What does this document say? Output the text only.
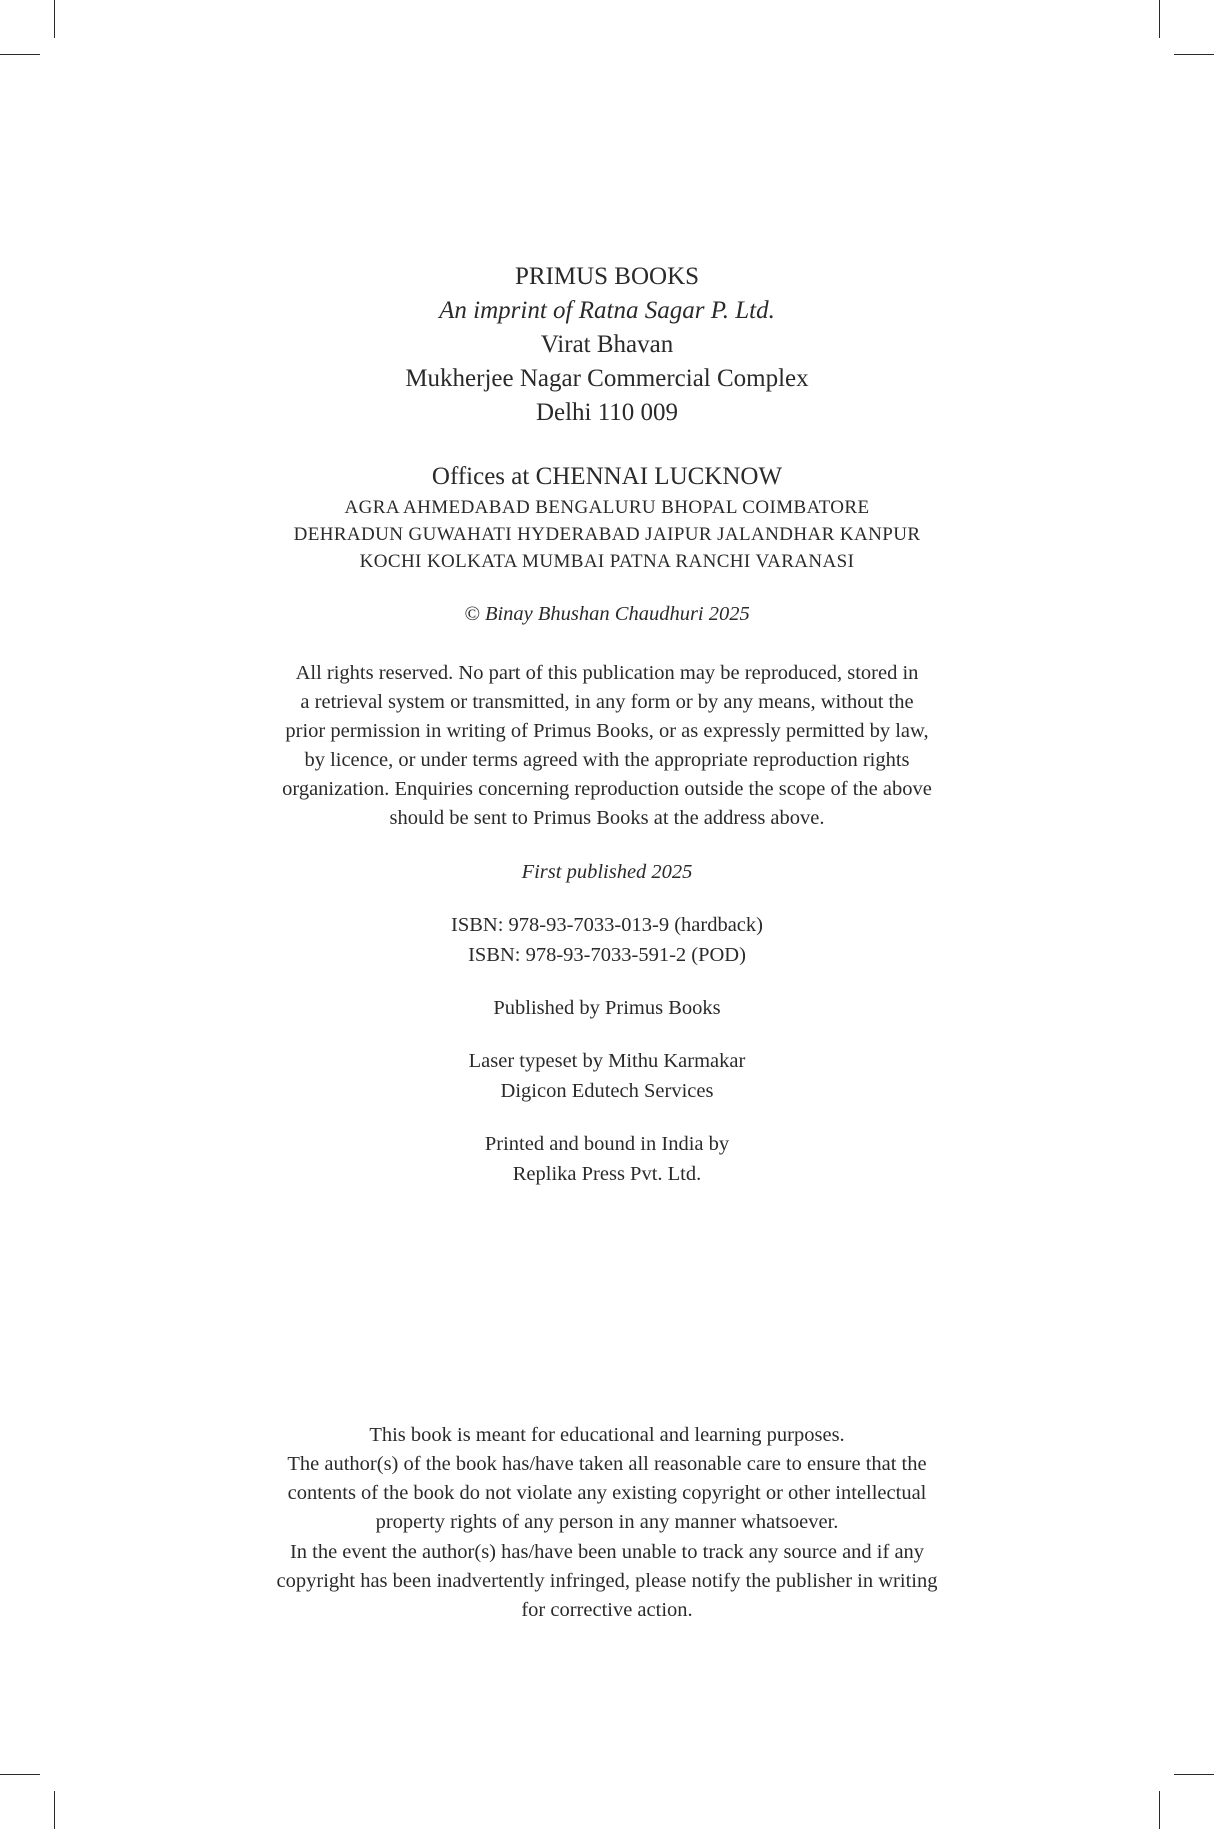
PRIMUS BOOKS
An imprint of Ratna Sagar P. Ltd.
Virat Bhavan
Mukherjee Nagar Commercial Complex
Delhi 110 009
Offices at CHENNAI LUCKNOW
AGRA AHMEDABAD BENGALURU BHOPAL COIMBATORE
DEHRADUN GUWAHATI HYDERABAD JAIPUR JALANDHAR KANPUR
KOCHI KOLKATA MUMBAI PATNA RANCHI VARANASI
© Binay Bhushan Chaudhuri 2025
All rights reserved. No part of this publication may be reproduced, stored in
a retrieval system or transmitted, in any form or by any means, without the
prior permission in writing of Primus Books, or as expressly permitted by law,
by licence, or under terms agreed with the appropriate reproduction rights
organization. Enquiries concerning reproduction outside the scope of the above
should be sent to Primus Books at the address above.
First published 2025
ISBN: 978-93-7033-013-9 (hardback)
ISBN: 978-93-7033-591-2 (POD)
Published by Primus Books
Laser typeset by Mithu Karmakar
Digicon Edutech Services
Printed and bound in India by
Replika Press Pvt. Ltd.
This book is meant for educational and learning purposes.
The author(s) of the book has/have taken all reasonable care to ensure that the
contents of the book do not violate any existing copyright or other intellectual
property rights of any person in any manner whatsoever.
In the event the author(s) has/have been unable to track any source and if any
copyright has been inadvertently infringed, please notify the publisher in writing
for corrective action.
